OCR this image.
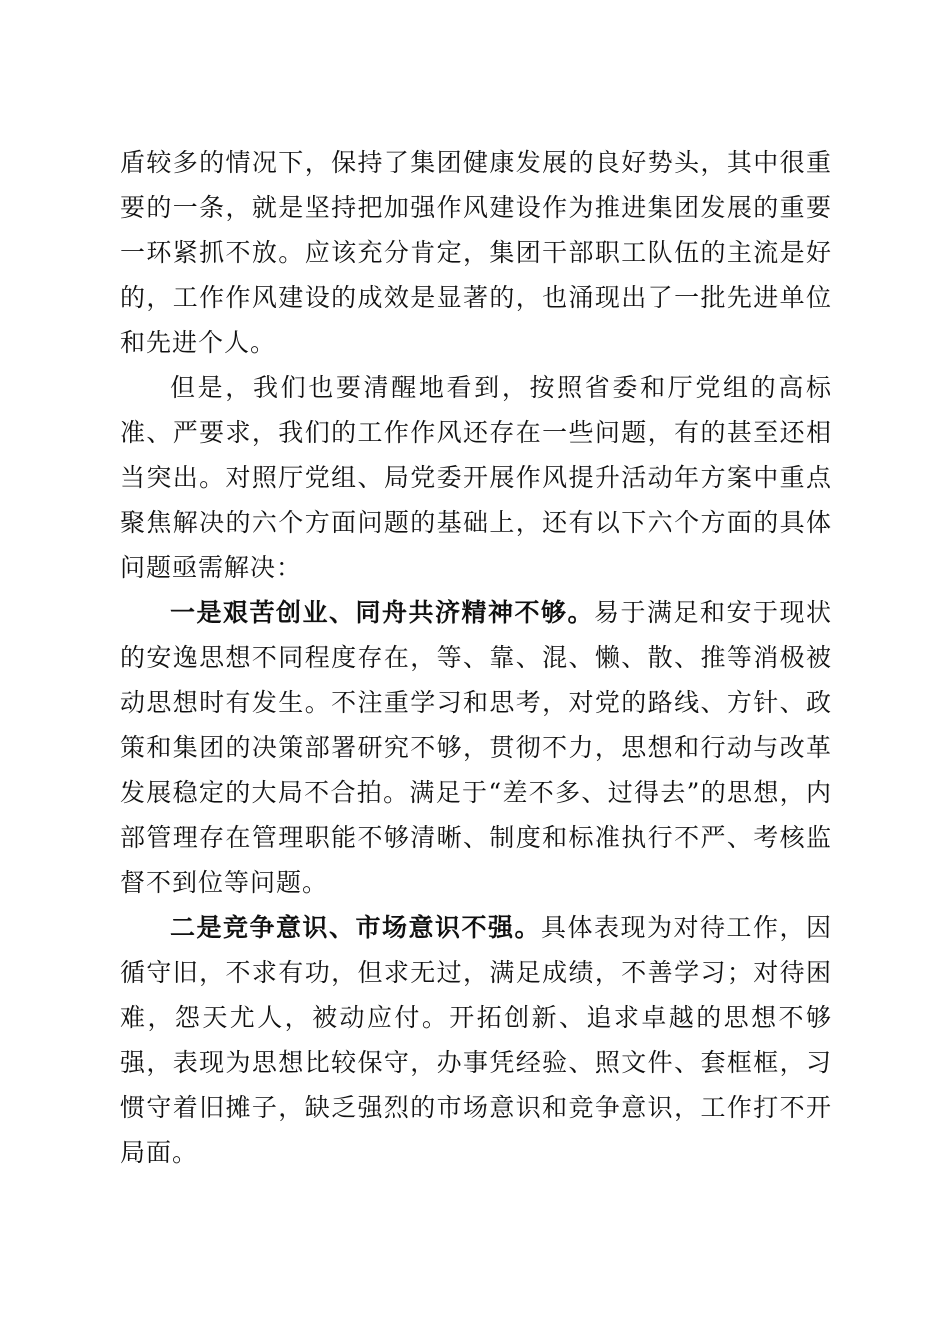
盾较多的情况下，保持了集团健康发展的良好势头，其中很重要的一条，就是坚持把加强作风建设作为推进集团发展的重要一环紧抓不放。应该充分肯定，集团干部职工队伍的主流是好的，工作作风建设的成效是显著的，也涌现出了一批先进单位和先进个人。

但是，我们也要清醒地看到，按照省委和厅党组的高标准、严要求，我们的工作作风还存在一些问题，有的甚至还相当突出。对照厅党组、局党委开展作风提升活动年方案中重点聚焦解决的六个方面问题的基础上，还有以下六个方面的具体问题亟需解决：

一是艰苦创业、同舟共济精神不够。易于满足和安于现状的安逸思想不同程度存在，等、靠、混、懒、散、推等消极被动思想时有发生。不注重学习和思考，对党的路线、方针、政策和集团的决策部署研究不够，贯彻不力，思想和行动与改革发展稳定的大局不合拍。满足于“差不多、过得去”的思想，内部管理存在管理职能不够清晰、制度和标准执行不严、考核监督不到位等问题。

二是竞争意识、市场意识不强。具体表现为对待工作，因循守旧，不求有功，但求无过，满足成绩，不善学习；对待困难，怨天尤人，被动应付。开拓创新、追求卓越的思想不够强，表现为思想比较保守，办事凭经验、照文件、套框框，习惯守着旧摊子，缺乏强烈的市场意识和竞争意识，工作打不开局面。
